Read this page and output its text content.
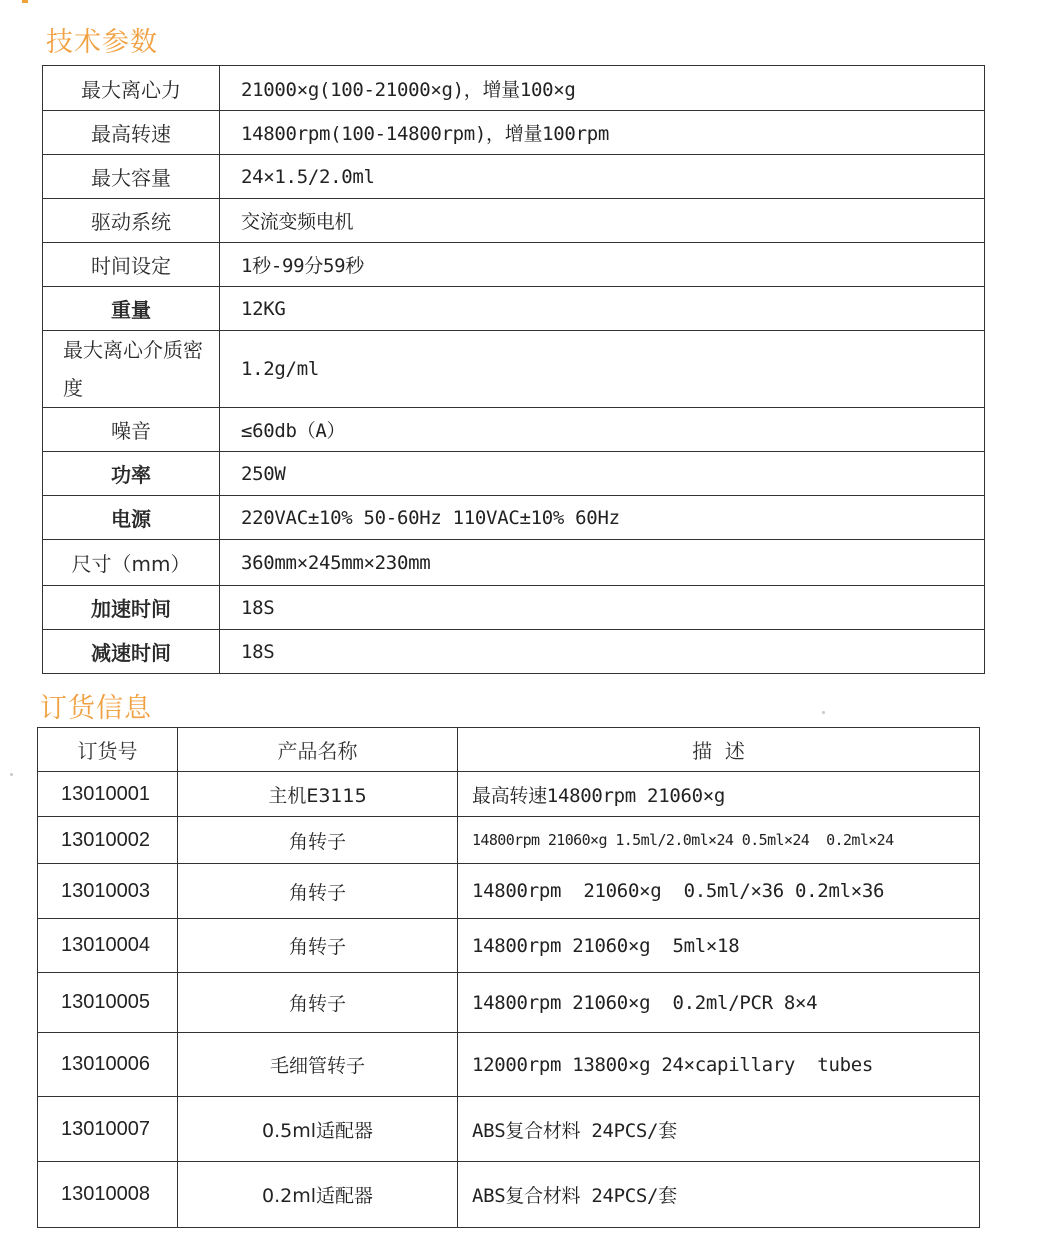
技术参数
最大离心力	21000×g(100-21000×g)，增量100×g
最高转速	14800rpm(100-14800rpm)，增量100rpm
最大容量	24×1.5/2.0ml
驱动系统	交流变频电机
时间设定	1秒-99分59秒
重量	12KG
最大离心介质密度	1.2g/ml
噪音	≤60db（A）
功率	250W
电源	220VAC±10% 50-60Hz 110VAC±10% 60Hz
尺寸（mm）	360mm×245mm×230mm
加速时间	18S
减速时间	18S
订货信息
订货号	产品名称	描  述
13010001	主机E3115	最高转速14800rpm 21060×g
13010002	角转子	14800rpm 21060×g 1.5ml/2.0ml×24 0.5ml×24  0.2ml×24
13010003	角转子	14800rpm  21060×g  0.5ml/×36 0.2ml×36
13010004	角转子	14800rpm 21060×g  5ml×18
13010005	角转子	14800rpm 21060×g  0.2ml/PCR 8×4
13010006	毛细管转子	12000rpm 13800×g 24×capillary  tubes
13010007	0.5ml适配器	ABS复合材料 24PCS/套
13010008	0.2ml适配器	ABS复合材料 24PCS/套
